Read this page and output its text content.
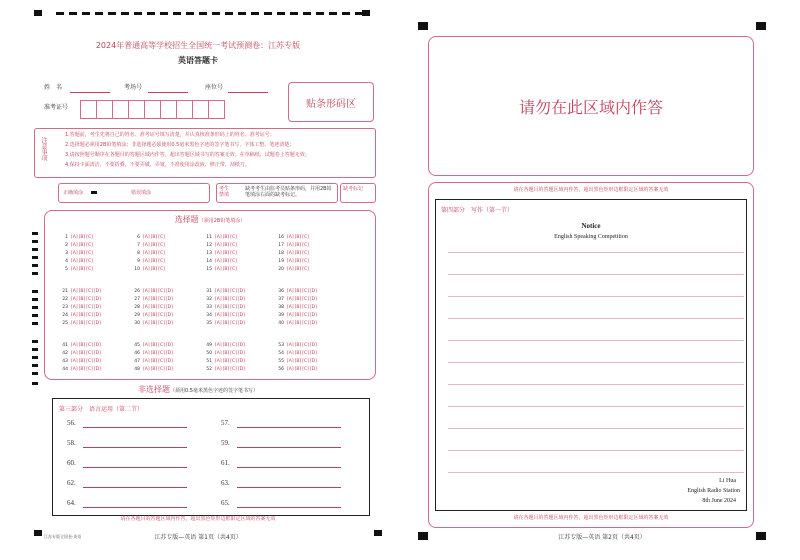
2024年普通高等学校招生全国统一考试预测卷：江苏专版
英语答题卡
姓　名	考场号	座位号
准考证号	贴条形码区
注意事项
1.答题前，考生先将自己的姓名、准考证号填写清楚，并认真核准条形码上的姓名、准考证号；
2.选择题必须用2B铅笔填涂；非选择题必须使用0.5毫米黑色字迹的签字笔书写，字体工整、笔迹清楚；
3.请按照题号顺序在各题目的答题区域内作答，超出答题区域书写的答案无效；在草稿纸、试题卷上答题无效；
4.保持卡面清洁，不要折叠，不要弄破、弄皱，不准使用涂改液、修正带、刮纸刀。
正确填涂	错误填涂
考生禁填
缺考考生由监考员贴条形码，并用2B铅笔填涂右面的缺考标记。
缺考标记
选择题（须用2B铅笔填涂）
1 [A][B][C]
2 [A][B][C]
3 [A][B][C]
4 [A][B][C]
5 [A][B][C]
6 [A][B][C]
7 [A][B][C]
8 [A][B][C]
9 [A][B][C]
10 [A][B][C]
11 [A][B][C]
12 [A][B][C]
13 [A][B][C]
14 [A][B][C]
15 [A][B][C]
16 [A][B][C]
17 [A][B][C]
18 [A][B][C]
19 [A][B][C]
20 [A][B][C]
21 [A][B][C][D]
22 [A][B][C][D]
23 [A][B][C][D]
24 [A][B][C][D]
25 [A][B][C][D]
26 [A][B][C][D]
27 [A][B][C][D]
28 [A][B][C][D]
29 [A][B][C][D]
30 [A][B][C][D]
31 [A][B][C][D]
32 [A][B][C][D]
33 [A][B][C][D]
34 [A][B][C][D]
35 [A][B][C][D]
36 [A][B][C][D]
37 [A][B][C][D]
38 [A][B][C][D]
39 [A][B][C][D]
40 [A][B][C][D]
41 [A][B][C][D]
42 [A][B][C][D]
43 [A][B][C][D]
44 [A][B][C][D]
45 [A][B][C][D]
46 [A][B][C][D]
47 [A][B][C][D]
48 [A][B][C][D]
49 [A][B][C][D]
50 [A][B][C][D]
51 [A][B][C][D]
52 [A][B][C][D]
53 [A][B][C][D]
54 [A][B][C][D]
55 [A][B][C][D]
56 [A][B][C][D]
非选择题（须用0.5毫米黑色字迹的签字笔书写）
第三部分　语言运用（第二节）
56.	57.
58.	59.
60.	61.
62.	63.
64.	65.
请在各题目的答题区域内作答，超出黑色矩形边框限定区域的答案无效
江苏专版全国卷·英语	江苏专版—英语 第1页（共4页）
请勿在此区域内作答
请在各题目的答题区域内作答，超出黑色矩形边框限定区域的答案无效
第四部分　写作（第一节）
Notice
English Speaking Competition
Li Hua
English Radio Station
8th June 2024
请在各题目的答题区域内作答，超出黑色矩形边框限定区域的答案无效
江苏专版—英语 第2页（共4页）
